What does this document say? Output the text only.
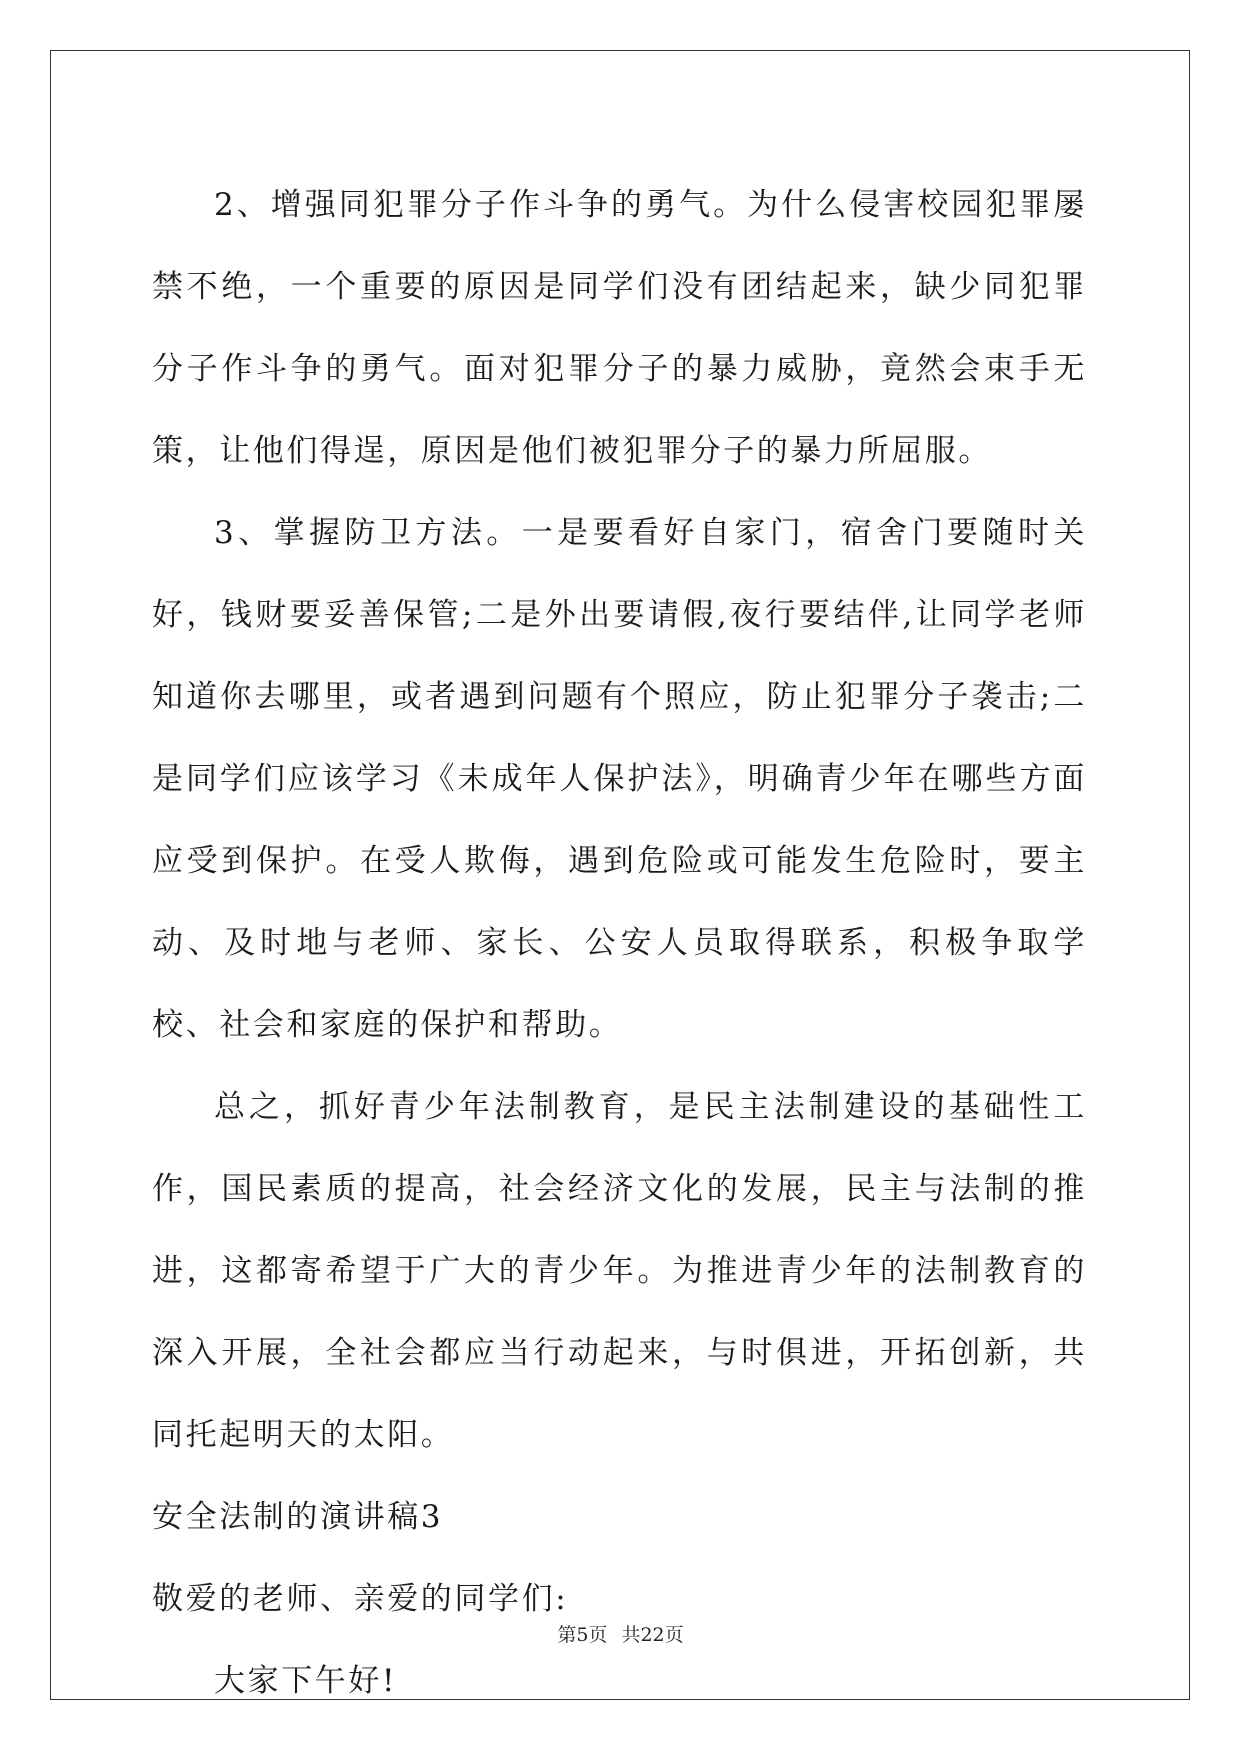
2、增强同犯罪分子作斗争的勇气。为什么侵害校园犯罪屡禁不绝，一个重要的原因是同学们没有团结起来，缺少同犯罪分子作斗争的勇气。面对犯罪分子的暴力威胁，竟然会束手无策，让他们得逞，原因是他们被犯罪分子的暴力所屈服。

3、掌握防卫方法。一是要看好自家门，宿舍门要随时关好，钱财要妥善保管;二是外出要请假,夜行要结伴,让同学老师知道你去哪里，或者遇到问题有个照应，防止犯罪分子袭击;二是同学们应该学习《未成年人保护法》，明确青少年在哪些方面应受到保护。在受人欺侮，遇到危险或可能发生危险时，要主动、及时地与老师、家长、公安人员取得联系，积极争取学校、社会和家庭的保护和帮助。

总之，抓好青少年法制教育，是民主法制建设的基础性工作，国民素质的提高，社会经济文化的发展，民主与法制的推进，这都寄希望于广大的青少年。为推进青少年的法制教育的深入开展，全社会都应当行动起来，与时俱进，开拓创新，共同托起明天的太阳。

安全法制的演讲稿3

敬爱的老师、亲爱的同学们:

大家下午好!

第5页 共22页
